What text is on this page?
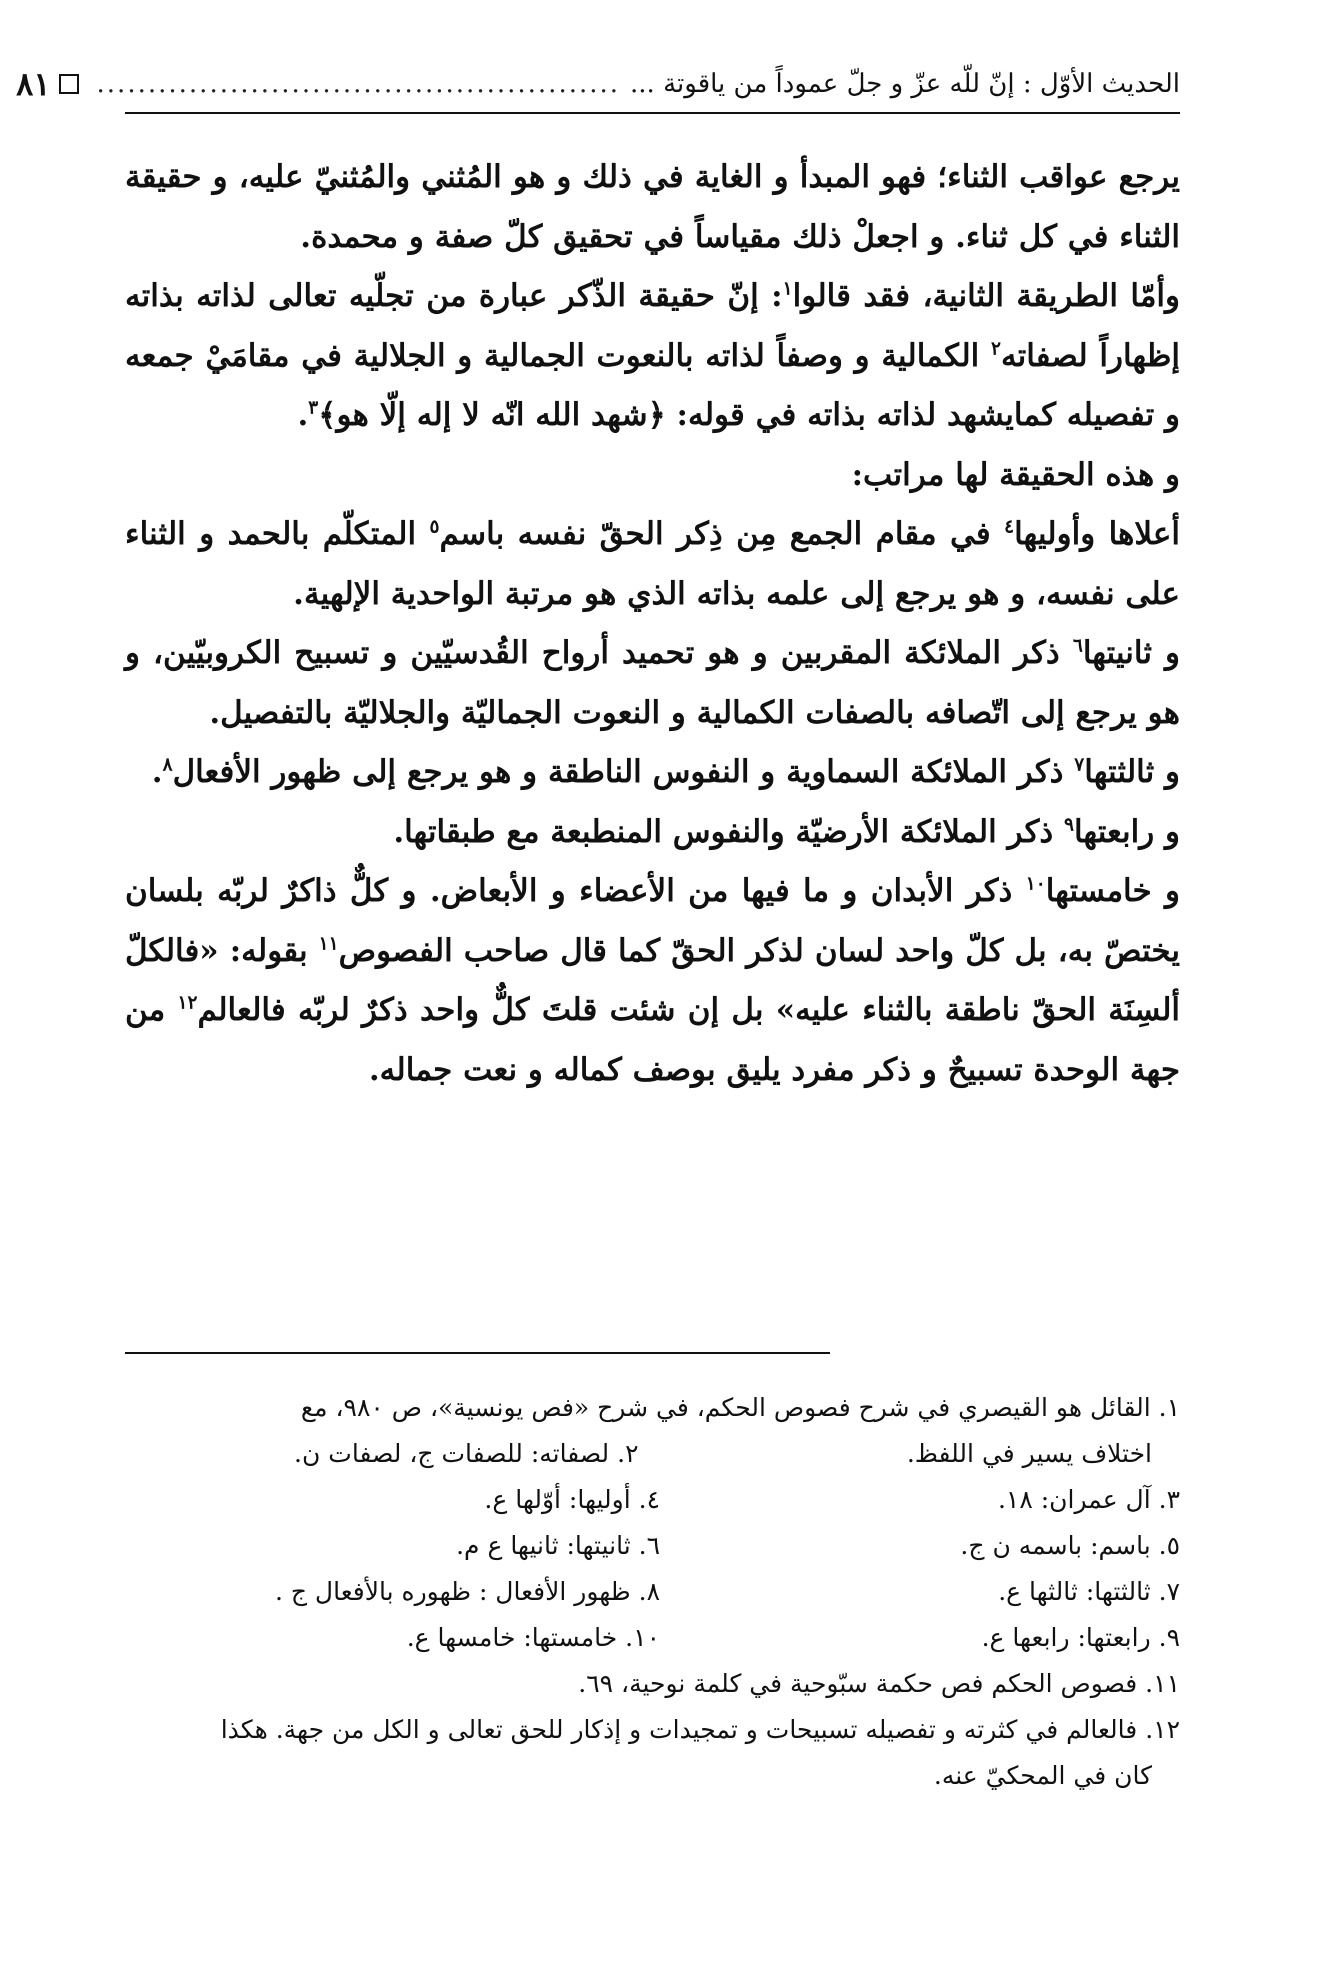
الحديث الأوّل : إنّ للّه عزّ و جلّ عموداً من ياقوتة ...
...................................................
٨١

يرجع عواقب الثناء؛ فهو المبدأ و الغاية في ذلك و هو المُثني والمُثنيّ عليه، و حقيقة الثناء في كل ثناء. و اجعلْ ذلك مقياساً في تحقيق كلّ صفة و محمدة.

وأمّا الطريقة الثانية، فقد قالوا$^١$: إنّ حقيقة الذّكر عبارة من تجلّيه تعالى لذاته بذاته إظهاراً لصفاته$^٢$ الكمالية و وصفاً لذاته بالنعوت الجمالية و الجلالية في مقامَيْ جمعه و تفصيله كمايشهد لذاته بذاته في قوله: ﴿شهد الله انّه لا إله إلّا هو﴾$^٣$.

و هذه الحقيقة لها مراتب:

أعلاها وأوليها$^٤$ في مقام الجمع مِن ذِكر الحقّ نفسه باسم$^٥$ المتكلّم بالحمد و الثناء على نفسه، و هو يرجع إلى علمه بذاته الذي هو مرتبة الواحدية الإلهية.

و ثانيتها$^٦$ ذكر الملائكة المقربين و هو تحميد أرواح القُدسيّين و تسبيح الكروبيّين، و هو يرجع إلى اتّصافه بالصفات الكمالية و النعوت الجماليّة والجلاليّة بالتفصيل.

و ثالثتها$^٧$ ذكر الملائكة السماوية و النفوس الناطقة و هو يرجع إلى ظهور الأفعال$^٨$.

و رابعتها$^٩$ ذكر الملائكة الأرضيّة والنفوس المنطبعة مع طبقاتها.

و خامستها$^{١٠}$ ذكر الأبدان و ما فيها من الأعضاء و الأبعاض. و كلٌّ ذاكرٌ لربّه بلسان يختصّ به، بل كلّ واحد لسان لذكر الحقّ كما قال صاحب الفصوص$^{١١}$ بقوله: «فالكلّ ألسِنَة الحقّ ناطقة بالثناء عليه» بل إن شئت قلتَ كلٌّ واحد ذكرٌ لربّه فالعالم$^{١٢}$ من جهة الوحدة تسبيحٌ و ذكر مفرد يليق بوصف كماله و نعت جماله.

١. القائل هو القيصري في شرح فصوص الحكم، في شرح «فص يونسية»، ص ٩٨٠، مع
اختلاف يسير في اللفظ.
٢. لصفاته: للصفات ج، لصفات ن.
٣. آل عمران: ١٨.
٤. أوليها: أوّلها ع.
٥. باسم: باسمه ن ج.
٦. ثانيتها: ثانيها ع م.
٧. ثالثتها: ثالثها ع.
٨. ظهور الأفعال : ظهوره بالأفعال ج .
٩. رابعتها: رابعها ع.
١٠. خامستها: خامسها ع.
١١. فصوص الحكم فص حكمة سبّوحية في كلمة نوحية، ٦٩.
١٢. فالعالم في كثرته و تفصيله تسبيحات و تمجيدات و إذكار للحق تعالى و الكل من جهة. هكذا
كان في المحكيّ عنه.
